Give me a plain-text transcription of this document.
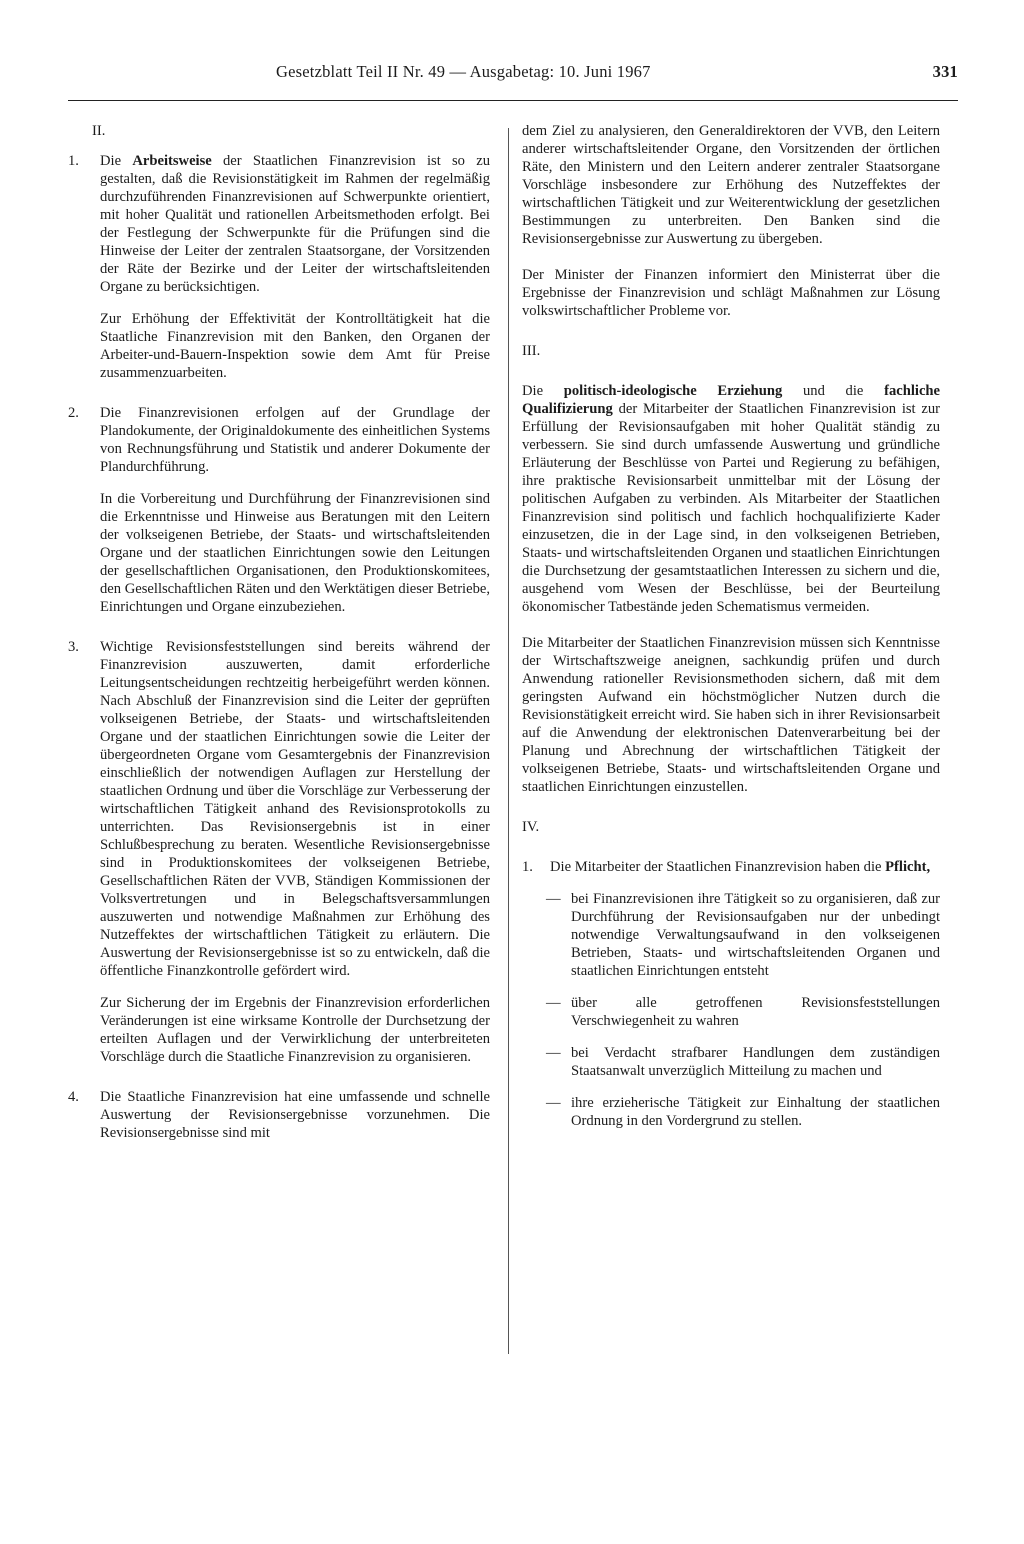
Gesetzblatt Teil II Nr. 49 — Ausgabetag: 10. Juni 1967	331

II.

1.	Die Arbeitsweise der Staatlichen Finanzrevision ist so zu gestalten, daß die Revisionstätigkeit im Rahmen der regelmäßig durchzuführenden Finanzrevisionen auf Schwerpunkte orientiert, mit hoher Qualität und rationellen Arbeitsmethoden erfolgt. Bei der Festlegung der Schwerpunkte für die Prüfungen sind die Hinweise der Leiter der zentralen Staatsorgane, der Vorsitzenden der Räte der Bezirke und der Leiter der wirtschaftsleitenden Organe zu berücksichtigen.

Zur Erhöhung der Effektivität der Kontrolltätigkeit hat die Staatliche Finanzrevision mit den Banken, den Organen der Arbeiter-und-Bauern-Inspektion sowie dem Amt für Preise zusammenzuarbeiten.

2.	Die Finanzrevisionen erfolgen auf der Grundlage der Plandokumente, der Originaldokumente des einheitlichen Systems von Rechnungsführung und Statistik und anderer Dokumente der Plandurchführung.

In die Vorbereitung und Durchführung der Finanzrevisionen sind die Erkenntnisse und Hinweise aus Beratungen mit den Leitern der volkseigenen Betriebe, der Staats- und wirtschaftsleitenden Organe und der staatlichen Einrichtungen sowie den Leitungen der gesellschaftlichen Organisationen, den Produktionskomitees, den Gesellschaftlichen Räten und den Werktätigen dieser Betriebe, Einrichtungen und Organe einzubeziehen.

3.	Wichtige Revisionsfeststellungen sind bereits während der Finanzrevision auszuwerten, damit erforderliche Leitungsentscheidungen rechtzeitig herbeigeführt werden können. Nach Abschluß der Finanzrevision sind die Leiter der geprüften volkseigenen Betriebe, der Staats- und wirtschaftsleitenden Organe und der staatlichen Einrichtungen sowie die Leiter der übergeordneten Organe vom Gesamtergebnis der Finanzrevision einschließlich der notwendigen Auflagen zur Herstellung der staatlichen Ordnung und über die Vorschläge zur Verbesserung der wirtschaftlichen Tätigkeit anhand des Revisionsprotokolls zu unterrichten. Das Revisionsergebnis ist in einer Schlußbesprechung zu beraten. Wesentliche Revisionsergebnisse sind in Produktionskomitees der volkseigenen Betriebe, Gesellschaftlichen Räten der VVB, Ständigen Kommissionen der Volksvertretungen und in Belegschaftsversammlungen auszuwerten und notwendige Maßnahmen zur Erhöhung des Nutzeffektes der wirtschaftlichen Tätigkeit zu erläutern. Die Auswertung der Revisionsergebnisse ist so zu entwickeln, daß die öffentliche Finanzkontrolle gefördert wird.

Zur Sicherung der im Ergebnis der Finanzrevision erforderlichen Veränderungen ist eine wirksame Kontrolle der Durchsetzung der erteilten Auflagen und der Verwirklichung der unterbreiteten Vorschläge durch die Staatliche Finanzrevision zu organisieren.

4.	Die Staatliche Finanzrevision hat eine umfassende und schnelle Auswertung der Revisionsergebnisse vorzunehmen. Die Revisionsergebnisse sind mit

dem Ziel zu analysieren, den Generaldirektoren der VVB, den Leitern anderer wirtschaftsleitender Organe, den Vorsitzenden der örtlichen Räte, den Ministern und den Leitern anderer zentraler Staatsorgane Vorschläge insbesondere zur Erhöhung des Nutzeffektes der wirtschaftlichen Tätigkeit und zur Weiterentwicklung der gesetzlichen Bestimmungen zu unterbreiten. Den Banken sind die Revisionsergebnisse zur Auswertung zu übergeben.

Der Minister der Finanzen informiert den Ministerrat über die Ergebnisse der Finanzrevision und schlägt Maßnahmen zur Lösung volkswirtschaftlicher Probleme vor.

III.

Die politisch-ideologische Erziehung und die fachliche Qualifizierung der Mitarbeiter der Staatlichen Finanzrevision ist zur Erfüllung der Revisionsaufgaben mit hoher Qualität ständig zu verbessern. Sie sind durch umfassende Auswertung und gründliche Erläuterung der Beschlüsse von Partei und Regierung zu befähigen, ihre praktische Revisionsarbeit unmittelbar mit der Lösung der politischen Aufgaben zu verbinden. Als Mitarbeiter der Staatlichen Finanzrevision sind politisch und fachlich hochqualifizierte Kader einzusetzen, die in der Lage sind, in den volkseigenen Betrieben, Staats- und wirtschaftsleitenden Organen und staatlichen Einrichtungen die Durchsetzung der gesamtstaatlichen Interessen zu sichern und die, ausgehend vom Wesen der Beschlüsse, bei der Beurteilung ökonomischer Tatbestände jeden Schematismus vermeiden.

Die Mitarbeiter der Staatlichen Finanzrevision müssen sich Kenntnisse der Wirtschaftszweige aneignen, sachkundig prüfen und durch Anwendung rationeller Revisionsmethoden sichern, daß mit dem geringsten Aufwand ein höchstmöglicher Nutzen durch die Revisionstätigkeit erreicht wird. Sie haben sich in ihrer Revisionsarbeit auf die Anwendung der elektronischen Datenverarbeitung bei der Planung und Abrechnung der wirtschaftlichen Tätigkeit der volkseigenen Betriebe, Staats- und wirtschaftsleitenden Organe und staatlichen Einrichtungen einzustellen.

IV.

1.	Die Mitarbeiter der Staatlichen Finanzrevision haben die Pflicht,

— bei Finanzrevisionen ihre Tätigkeit so zu organisieren, daß zur Durchführung der Revisionsaufgaben nur der unbedingt notwendige Verwaltungsaufwand in den volkseigenen Betrieben, Staats- und wirtschaftsleitenden Organen und staatlichen Einrichtungen entsteht

— über alle getroffenen Revisionsfeststellungen Verschwiegenheit zu wahren

— bei Verdacht strafbarer Handlungen dem zuständigen Staatsanwalt unverzüglich Mitteilung zu machen und

— ihre erzieherische Tätigkeit zur Einhaltung der staatlichen Ordnung in den Vordergrund zu stellen.
